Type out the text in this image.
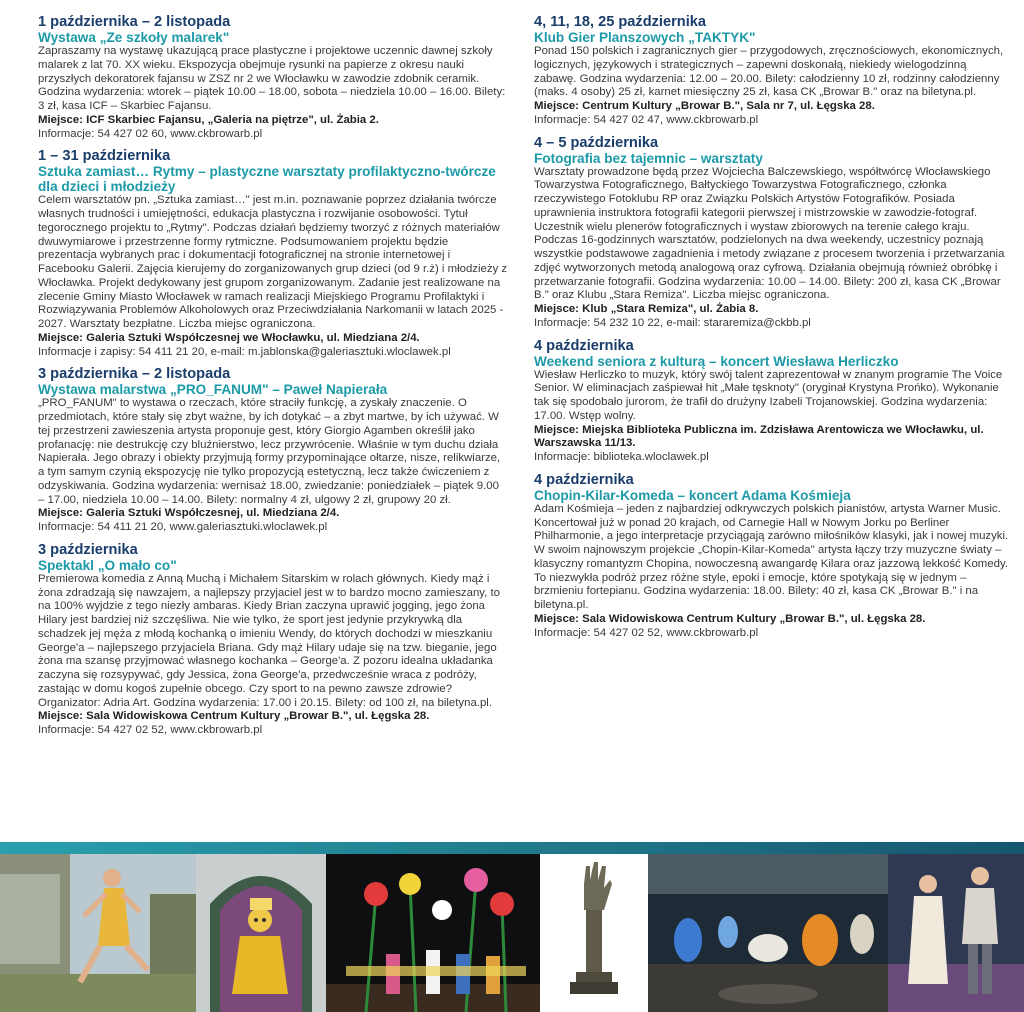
1 października – 2 listopada
Wystawa „Ze szkoły malarek"
Zapraszamy na wystawę ukazującą prace plastyczne i projektowe uczennic dawnej szkoły malarek z lat 70. XX wieku. Ekspozycja obejmuje rysunki na papierze z okresu nauki przyszłych dekoratorek fajansu w ZSZ nr 2 we Włocławku w zawodzie zdobnik ceramik. Godzina wydarzenia: wtorek – piątek 10.00 – 18.00, sobota – niedziela 10.00 – 16.00. Bilety: 3 zł, kasa ICF – Skarbiec Fajansu.
Miejsce: ICF Skarbiec Fajansu, „Galeria na piętrze", ul. Żabia 2.
Informacje: 54 427 02 60, www.ckbrowarb.pl
1 – 31 października
Sztuka zamiast… Rytmy – plastyczne warsztaty profilaktyczno-twórcze dla dzieci i młodzieży
Celem warsztatów pn. „Sztuka zamiast…" jest m.in. poznawanie poprzez działania twórcze własnych trudności i umiejętności, edukacja plastyczna i rozwijanie osobowości. Tytuł tegorocznego projektu to „Rytmy". Podczas działań będziemy tworzyć z różnych materiałów dwuwymiarowe i przestrzenne formy rytmiczne. Podsumowaniem projektu będzie prezentacja wybranych prac i dokumentacji fotograficznej na stronie internetowej i Facebooku Galerii. Zajęcia kierujemy do zorganizowanych grup dzieci (od 9 r.ż) i młodzieży z Włocławka. Projekt dedykowany jest grupom zorganizowanym. Zadanie jest realizowane na zlecenie Gminy Miasto Włocławek w ramach realizacji Miejskiego Programu Profilaktyki i Rozwiązywania Problemów Alkoholowych oraz Przeciwdziałania Narkomanii w latach 2025 - 2027. Warsztaty bezpłatne. Liczba miejsc ograniczona.
Miejsce: Galeria Sztuki Współczesnej we Włocławku, ul. Miedziana 2/4.
Informacje i zapisy: 54 411 21 20, e-mail: m.jablonska@galeriasztuki.wloclawek.pl
3 października – 2 listopada
Wystawa malarstwa „PRO_FANUM" – Paweł Napierała
„PRO_FANUM" to wystawa o rzeczach, które straciły funkcję, a zyskały znaczenie. O przedmiotach, które stały się zbyt ważne, by ich dotykać – a zbyt martwe, by ich używać. W tej przestrzeni zawieszenia artysta proponuje gest, który Giorgio Agamben określił jako profanację: nie destrukcję czy bluźnierstwo, lecz przywrócenie. Właśnie w tym duchu działa Napierała. Jego obrazy i obiekty przyjmują formy przypominające ołtarze, nisze, relikwiarze, a tym samym czynią ekspozycję nie tylko propozycją estetyczną, lecz także ćwiczeniem z odzyskiwania. Godzina wydarzenia: wernisaż 18.00, zwiedzanie: poniedziałek – piątek 9.00 – 17.00, niedziela 10.00 – 14.00. Bilety: normalny 4 zł, ulgowy 2 zł, grupowy 20 zł.
Miejsce: Galeria Sztuki Współczesnej, ul. Miedziana 2/4.
Informacje: 54 411 21 20, www.galeriasztuki.wloclawek.pl
3 października
Spektakl „O mało co"
Premierowa komedia z Anną Muchą i Michałem Sitarskim w rolach głównych. Kiedy mąż i żona zdradzają się nawzajem, a najlepszy przyjaciel jest w to bardzo mocno zamieszany, to na 100% wyjdzie z tego niezły ambaras. Kiedy Brian zaczyna uprawić jogging, jego żona Hilary jest bardziej niż szczęśliwa. Nie wie tylko, że sport jest jedynie przykrywką dla schadzek jej męża z młodą kochanką o imieniu Wendy, do których dochodzi w mieszkaniu George'a – najlepszego przyjaciela Briana. Gdy mąż Hilary udaje się na tzw. bieganie, jego żona ma szansę przyjmować własnego kochanka – George'a. Z pozoru idealna układanka zaczyna się rozsypywać, gdy Jessica, żona George'a, przedwcześnie wraca z podróży, zastając w domu kogoś zupełnie obcego. Czy sport to na pewno zawsze zdrowie? Organizator: Adria Art. Godzina wydarzenia: 17.00 i 20.15. Bilety: od 100 zł, na biletyna.pl.
Miejsce: Sala Widowiskowa Centrum Kultury „Browar B.", ul. Łęgska 28.
Informacje: 54 427 02 52, www.ckbrowarb.pl
4, 11, 18, 25 października
Klub Gier Planszowych „TAKTYK"
Ponad 150 polskich i zagranicznych gier – przygodowych, zręcznościowych, ekonomicznych, logicznych, językowych i strategicznych – zapewni doskonałą, niekiedy wielogodzinną zabawę. Godzina wydarzenia: 12.00 – 20.00. Bilety: całodzienny 10 zł, rodzinny całodzienny (maks. 4 osoby) 25 zł, karnet miesięczny 25 zł, kasa CK „Browar B." oraz na biletyna.pl.
Miejsce: Centrum Kultury „Browar B.", Sala nr 7, ul. Łęgska 28.
Informacje: 54 427 02 47, www.ckbrowarb.pl
4 – 5 października
Fotografia bez tajemnic – warsztaty
Warsztaty prowadzone będą przez Wojciecha Balczewskiego, współtwórcę Włocławskiego Towarzystwa Fotograficznego, Bałtyckiego Towarzystwa Fotograficznego, członka rzeczywistego Fotoklubu RP oraz Związku Polskich Artystów Fotografików. Posiada uprawnienia instruktora fotografii kategorii pierwszej i mistrzowskie w zawodzie-fotograf. Uczestnik wielu plenerów fotograficznych i wystaw zbiorowych na terenie całego kraju. Podczas 16-godzinnych warsztatów, podzielonych na dwa weekendy, uczestnicy poznają wszystkie podstawowe zagadnienia i metody związane z procesem tworzenia i przetwarzania zdjęć wytworzonych metodą analogową oraz cyfrową. Działania obejmują również obróbkę i przetwarzanie fotografii. Godzina wydarzenia: 10.00 – 14.00. Bilety: 200 zł, kasa CK „Browar B." oraz Klubu „Stara Remiza". Liczba miejsc ograniczona.
Miejsce: Klub „Stara Remiza", ul. Żabia 8.
Informacje: 54 232 10 22, e-mail: stararemiza@ckbb.pl
4 października
Weekend seniora z kulturą – koncert Wiesława Herliczko
Wiesław Herliczko to muzyk, który swój talent zaprezentował w znanym programie The Voice Senior. W eliminacjach zaśpiewał hit „Małe tęsknoty" (oryginał Krystyna Prońko). Wykonanie tak się spodobało jurorom, że trafił do drużyny Izabeli Trojanowskiej. Godzina wydarzenia: 17.00. Wstęp wolny.
Miejsce: Miejska Biblioteka Publiczna im. Zdzisława Arentowicza we Włocławku, ul. Warszawska 11/13.
Informacje: biblioteka.wloclawek.pl
4 października
Chopin-Kilar-Komeda – koncert Adama Kośmieja
Adam Kośmieja – jeden z najbardziej odkrywczych polskich pianistów, artysta Warner Music. Koncertował już w ponad 20 krajach, od Carnegie Hall w Nowym Jorku po Berliner Philharmonie, a jego interpretacje przyciągają zarówno miłośników klasyki, jak i nowej muzyki. W swoim najnowszym projekcie „Chopin-Kilar-Komeda" artysta łączy trzy muzyczne światy – klasyczny romantyzm Chopina, nowoczesną awangardę Kilara oraz jazzową lekkość Komedy. To niezwykła podróż przez różne style, epoki i emocje, które spotykają się w jednym – brzmieniu fortepianu. Godzina wydarzenia: 18.00. Bilety: 40 zł, kasa CK „Browar B." i na biletyna.pl.
Miejsce: Sala Widowiskowa Centrum Kultury „Browar B.", ul. Łęgska 28.
Informacje: 54 427 02 52, www.ckbrowarb.pl
